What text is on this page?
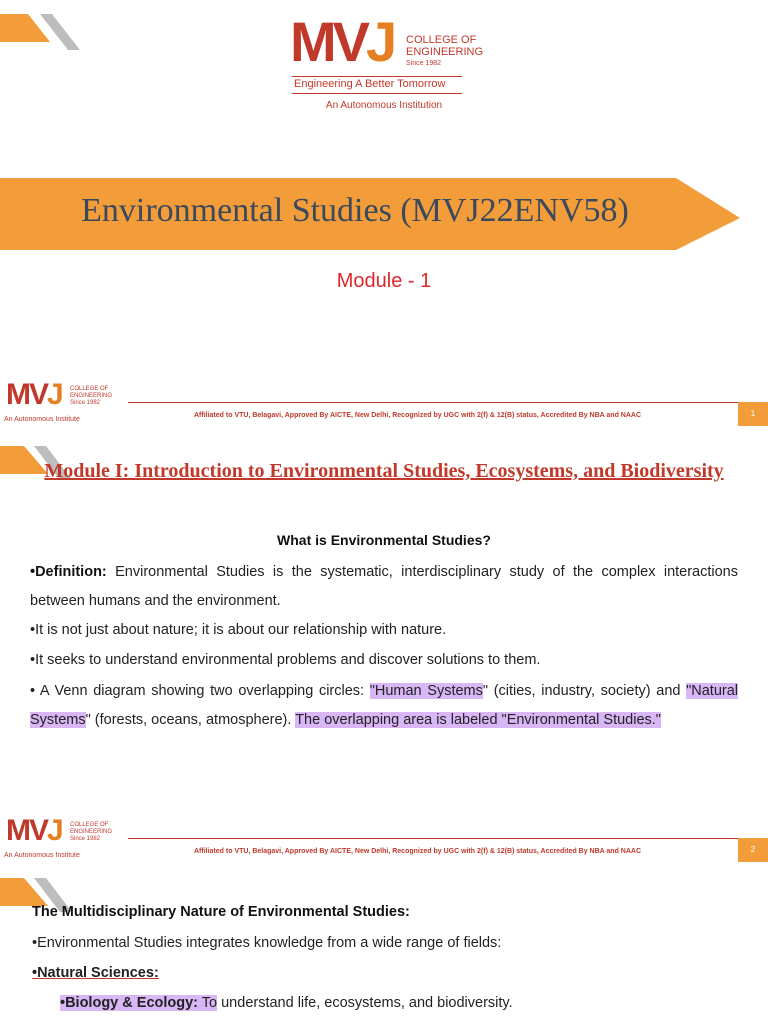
MVJ COLLEGE OF
ENGINEERING
Since 1982
Engineering A Better Tomorrow
An Autonomous Institution
Environmental Studies (MVJ22ENV58)
Module - 1
MVJ COLLEGE OF
ENGINEERING
Since 1982
An Autonomous Institute
Affiliated to VTU, Belagavi, Approved By AICTE, New Delhi, Recognized by UGC with 2(f) & 12(B) status, Accredited By NBA and NAAC	1
Module I: Introduction to Environmental Studies, Ecosystems, and Biodiversity
What is Environmental Studies?
•Definition: Environmental Studies is the systematic, interdisciplinary study of the complex interactions between humans and the environment.
•It is not just about nature; it is about our relationship with nature.
•It seeks to understand environmental problems and discover solutions to them.
• A Venn diagram showing two overlapping circles: "Human Systems" (cities, industry, society) and "Natural Systems" (forests, oceans, atmosphere). The overlapping area is labeled "Environmental Studies."
MVJ COLLEGE OF
ENGINEERING
Since 1982
An Autonomous Institute
Affiliated to VTU, Belagavi, Approved By AICTE, New Delhi, Recognized by UGC with 2(f) & 12(B) status, Accredited By NBA and NAAC	2
The Multidisciplinary Nature of Environmental Studies:
•Environmental Studies integrates knowledge from a wide range of fields:
•Natural Sciences:
•Biology & Ecology: To understand life, ecosystems, and biodiversity.
